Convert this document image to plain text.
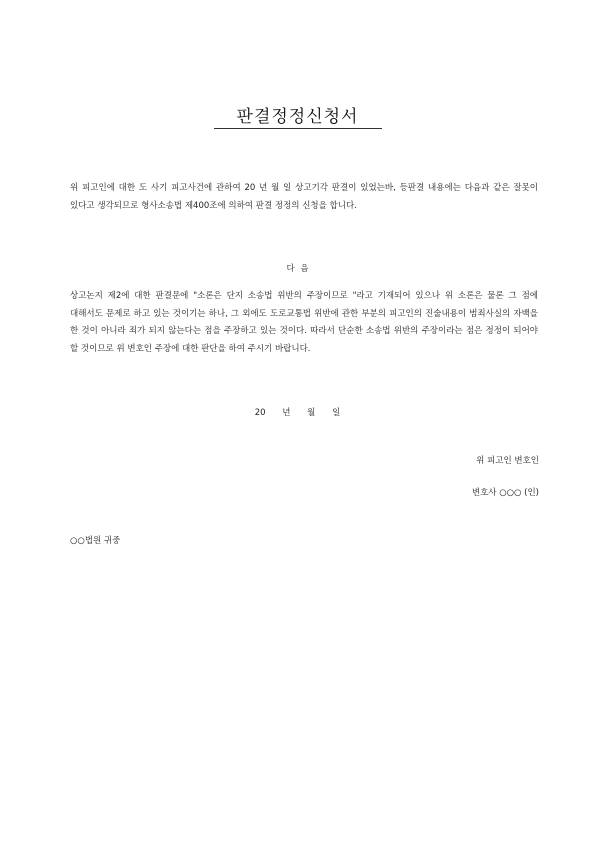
판결정정신청서
위 피고인에 대한 도 사기 피고사건에 관하여 20 년 월 일 상고기각 판결이 있었는바, 등판결 내용에는 다음과 같은 잘못이 있다고 생각되므로 형사소송법 제400조에 의하여 판결 정정의 신청을 합니다.
다 음
상고논지 제2에 대한 판결문에 "소론은 단지 소송법 위반의 주장이므로 "라고 기재되어 있으나 위 소론은 물론 그 점에 대해서도 문제로 하고 있는 것이기는 하나, 그 외에도 도로교통법 위반에 관한 부분의 피고인의 진술내용이 범죄사실의 자백을 한 것이 아니라 죄가 되지 않는다는 점을 주장하고 있는 것이다. 따라서 단순한 소송법 위반의 주장이라는 점은 정정이 되어야 할 것이므로 위 변호인 주장에 대한 판단을 하여 주시기 바랍니다.
20 년 월 일
위 피고인 변호인
변호사 ○○○ (인)
○○법원 귀중
